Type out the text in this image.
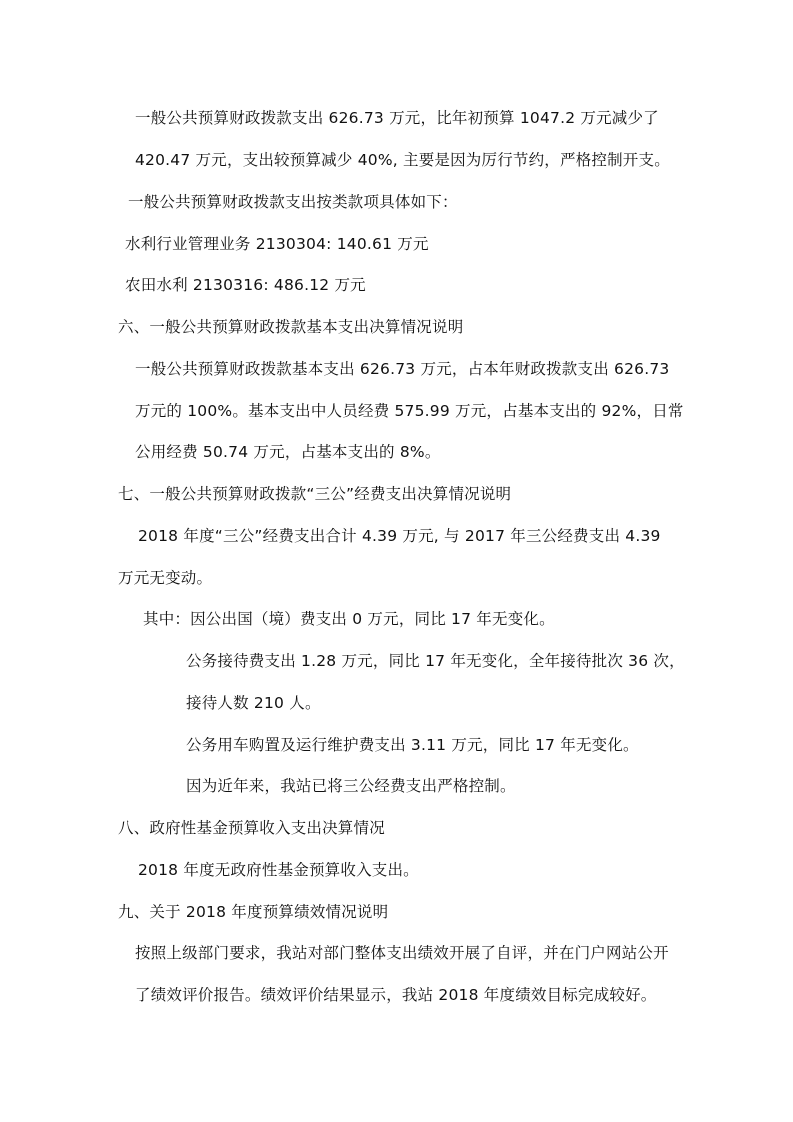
一般公共预算财政拨款支出 626.73 万元，比年初预算 1047.2 万元减少了
420.47 万元，支出较预算减少 40%, 主要是因为厉行节约，严格控制开支。
一般公共预算财政拨款支出按类款项具体如下：
水利行业管理业务 2130304: 140.61 万元
农田水利 2130316: 486.12 万元
六、一般公共预算财政拨款基本支出决算情况说明
一般公共预算财政拨款基本支出 626.73 万元，占本年财政拨款支出 626.73
万元的 100%。基本支出中人员经费 575.99 万元，占基本支出的 92%，日常
公用经费 50.74 万元，占基本支出的 8%。
七、一般公共预算财政拨款“三公”经费支出决算情况说明
2018 年度“三公”经费支出合计 4.39 万元, 与 2017 年三公经费支出 4.39
万元无变动。
其中：因公出国（境）费支出 0 万元，同比 17 年无变化。
公务接待费支出 1.28 万元，同比 17 年无变化，全年接待批次 36 次，
接待人数 210 人。
公务用车购置及运行维护费支出 3.11 万元，同比 17 年无变化。
因为近年来，我站已将三公经费支出严格控制。
八、政府性基金预算收入支出决算情况
2018 年度无政府性基金预算收入支出。
九、关于 2018 年度预算绩效情况说明
按照上级部门要求，我站对部门整体支出绩效开展了自评，并在门户网站公开
了绩效评价报告。绩效评价结果显示，我站 2018 年度绩效目标完成较好。
